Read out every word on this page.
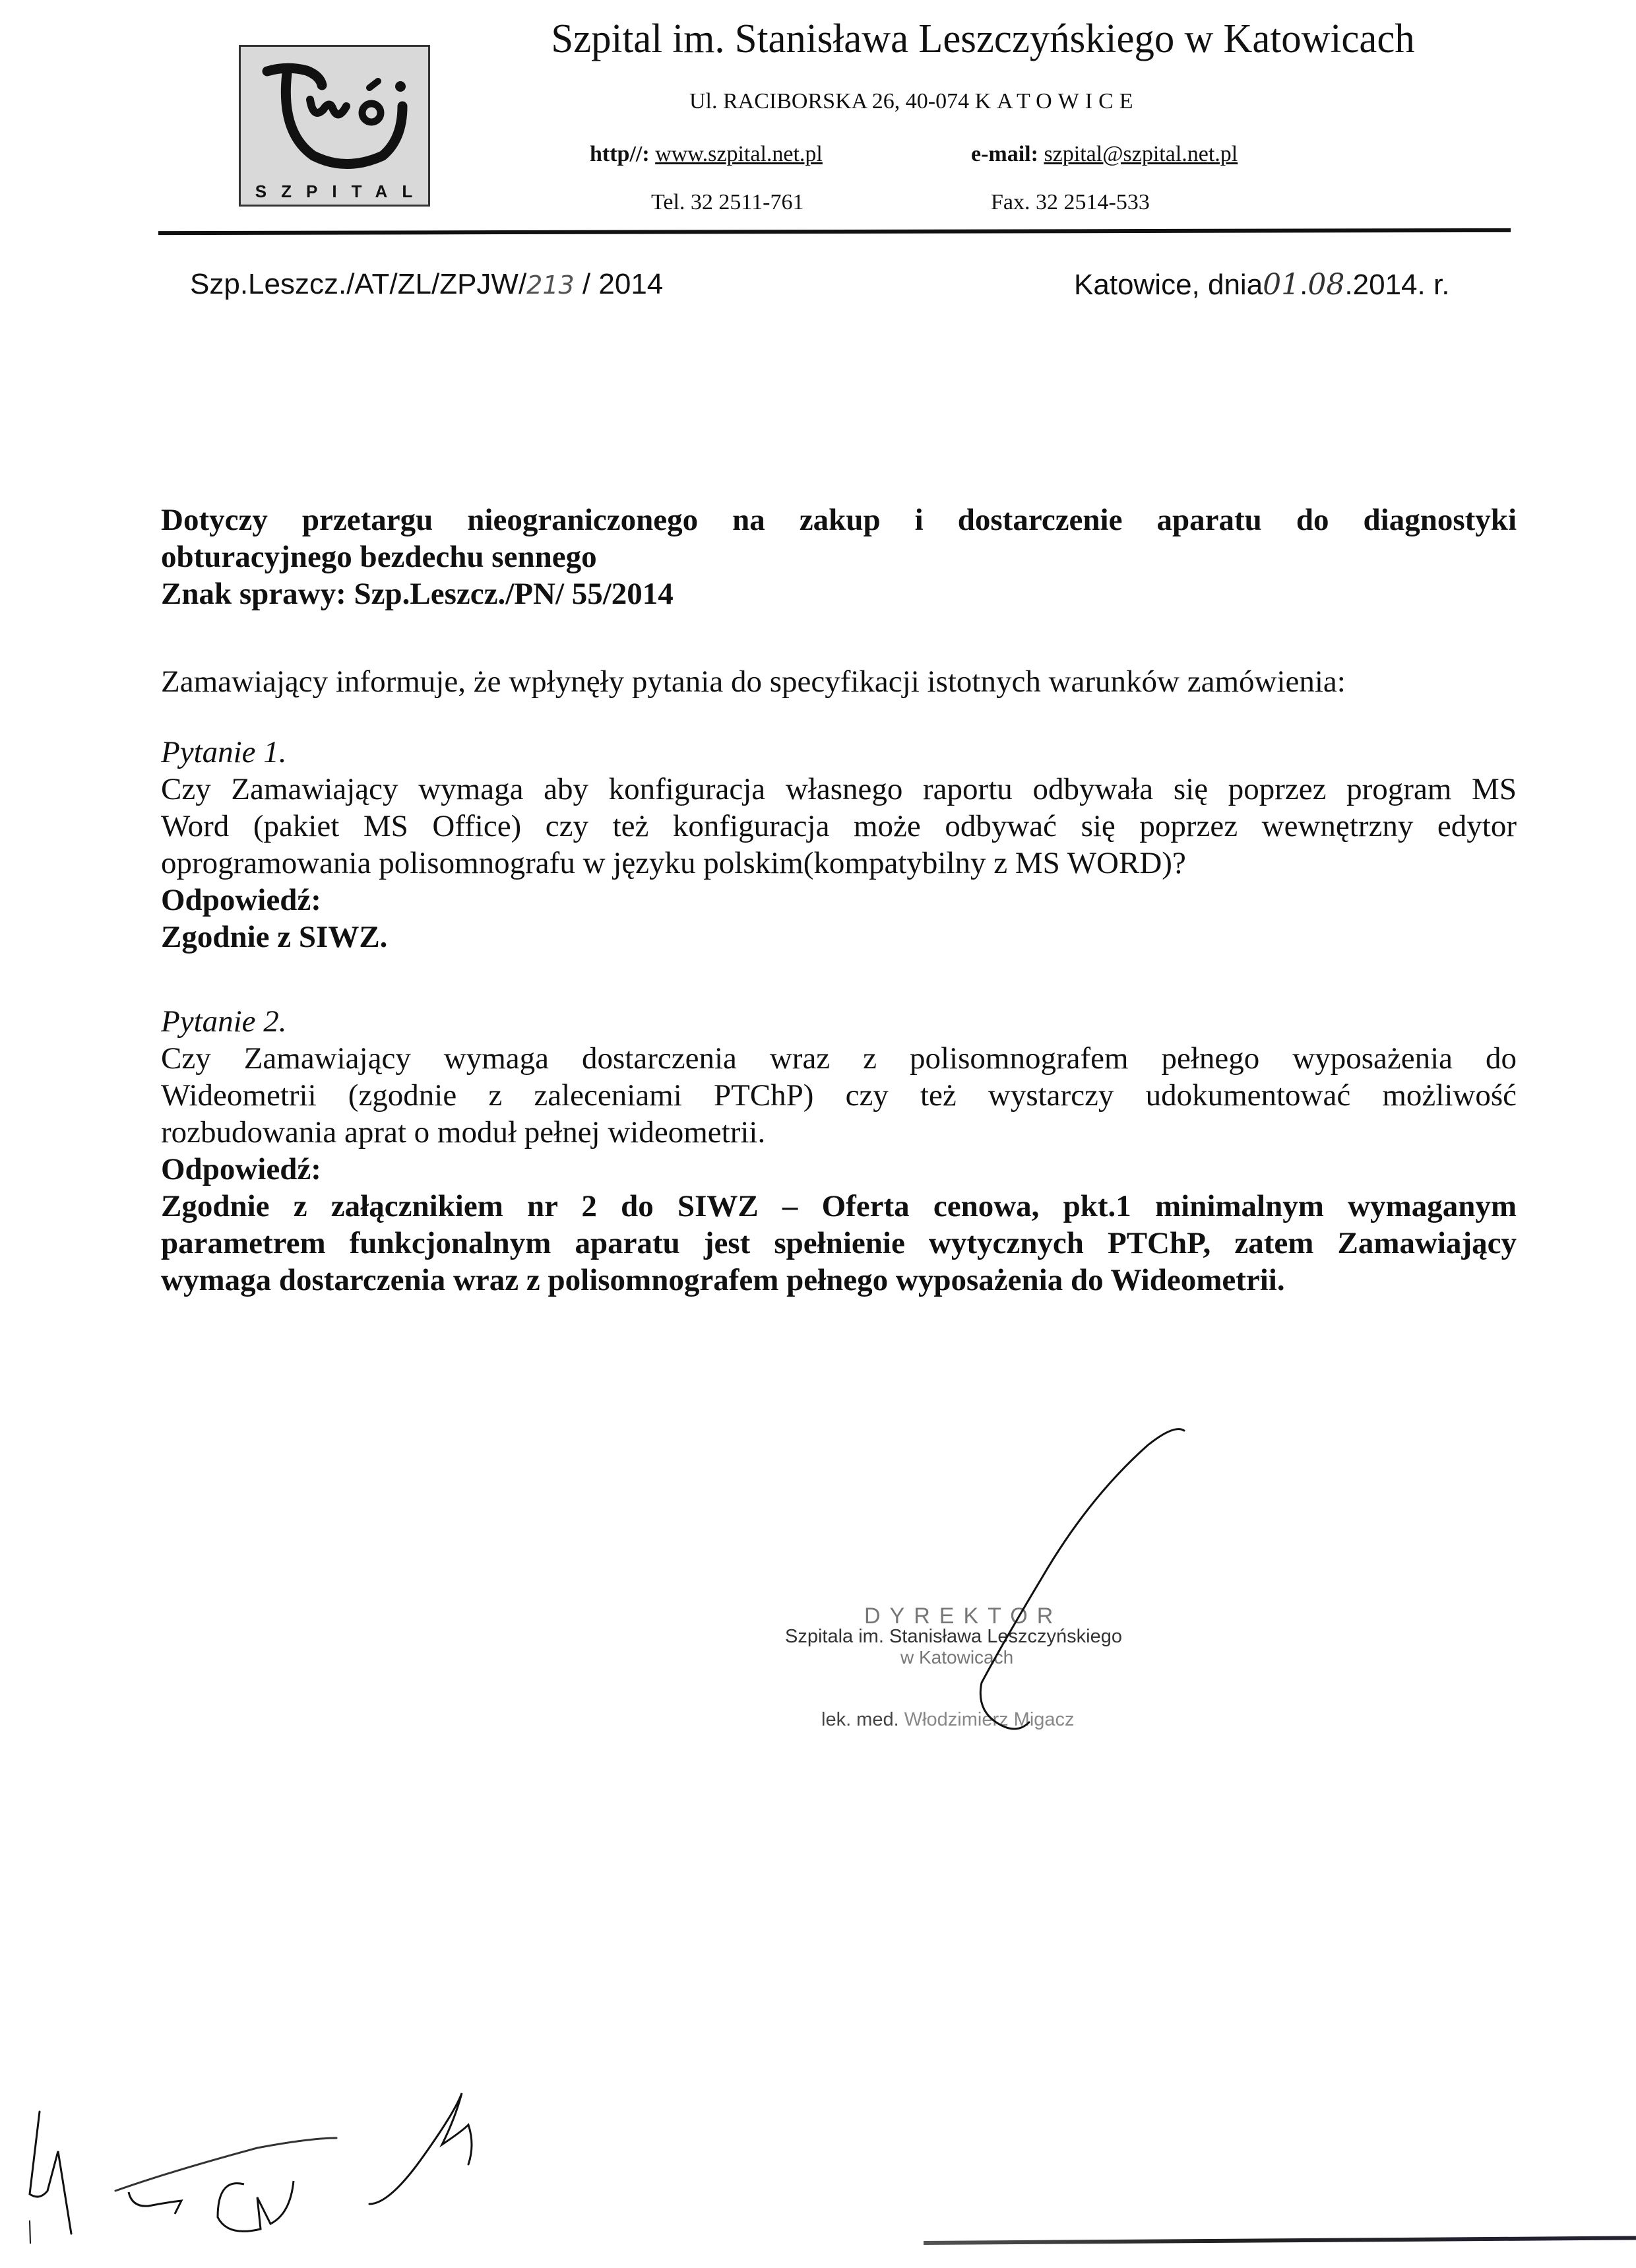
SZPITAL
Szpital im. Stanisława Leszczyńskiego w Katowicach
Ul. RACIBORSKA 26, 40-074 KATOWICE
http//: www.szpital.net.pl	e-mail: szpital@szpital.net.pl
Tel. 32 2511-761	Fax. 32 2514-533
Szp.Leszcz./AT/ZL/ZPJW/213 / 2014	Katowice, dnia01.08.2014. r.
Dotyczy przetargu nieograniczonego na zakup i dostarczenie aparatu do diagnostyki
obturacyjnego bezdechu sennego
Znak sprawy: Szp.Leszcz./PN/ 55/2014
Zamawiający informuje, że wpłynęły pytania do specyfikacji istotnych warunków zamówienia:
Pytanie 1.
Czy Zamawiający wymaga aby konfiguracja własnego raportu odbywała się poprzez program MS
Word (pakiet MS Office) czy też konfiguracja może odbywać się poprzez wewnętrzny edytor
oprogramowania polisomnografu w języku polskim(kompatybilny z MS WORD)?
Odpowiedź:
Zgodnie z SIWZ.
Pytanie 2.
Czy Zamawiający wymaga dostarczenia wraz z polisomnografem pełnego wyposażenia do
Wideometrii (zgodnie z zaleceniami PTChP) czy też wystarczy udokumentować możliwość
rozbudowania aprat o moduł pełnej wideometrii.
Odpowiedź:
Zgodnie z załącznikiem nr 2 do SIWZ – Oferta cenowa, pkt.1 minimalnym wymaganym
parametrem funkcjonalnym aparatu jest spełnienie wytycznych PTChP, zatem Zamawiający
wymaga dostarczenia wraz z polisomnografem pełnego wyposażenia do Wideometrii.
DYREKTOR
Szpitala im. Stanisława Leszczyńskiego
w Katowicach
lek. med. Włodzimierz Migacz
